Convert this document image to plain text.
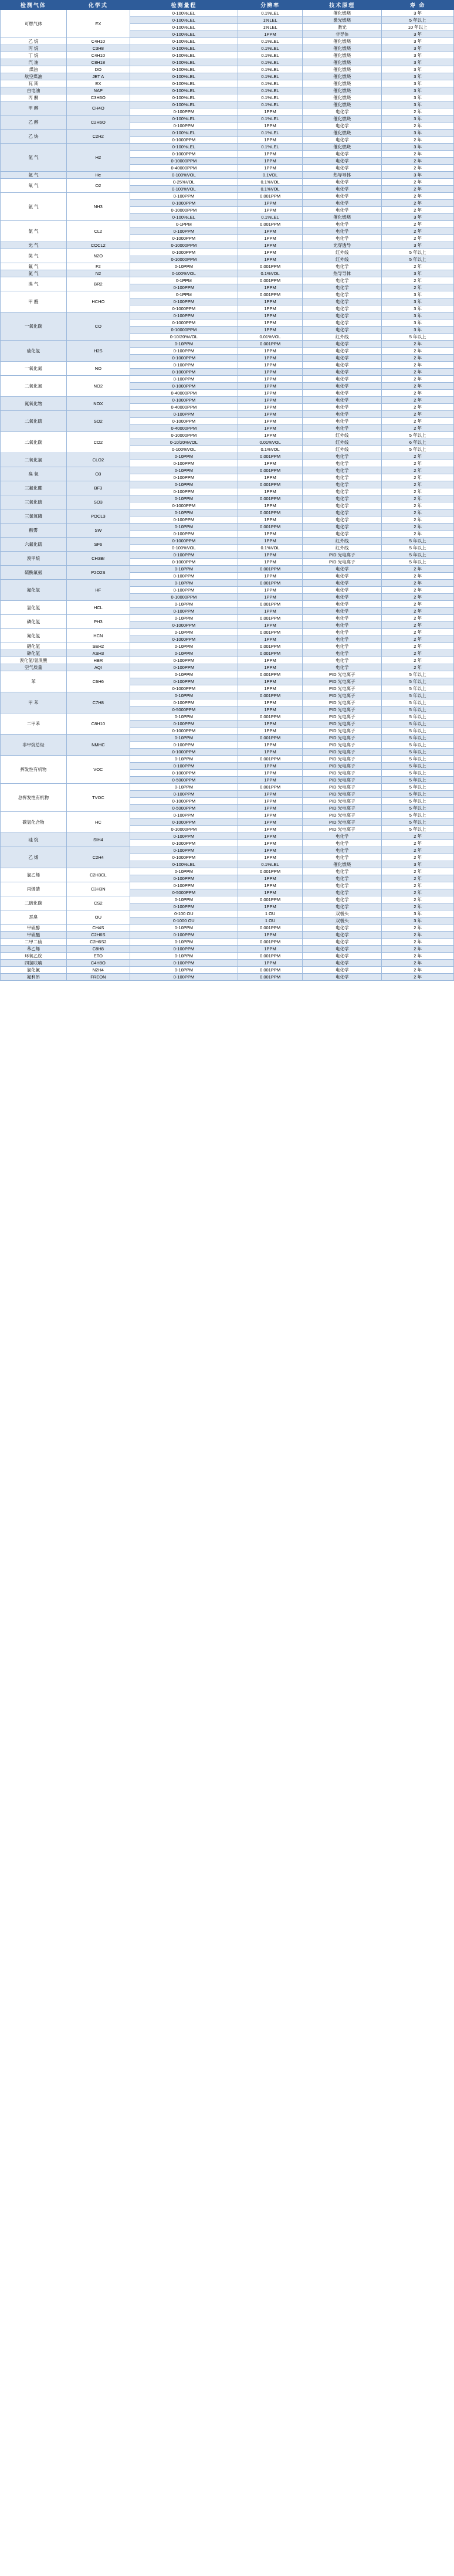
检测气体	化学式	检测量程	分辨率	技术原理	寿 命
可燃气体	EX	0-100%LEL	0.1%LEL	催化燃烧	3 年
		0-100%LEL	1%LEL	激光燃烧	5 年以上
		0-100%LEL	1%LEL	激光	10 年以上
		0-100%LEL	1PPM	非导体	3 年
乙 烷	C4H10	0-100%LEL	0.1%LEL	催化燃烧	3 年
丙 烷	C3H8	0-100%LEL	0.1%LEL	催化燃烧	3 年
丁 烷	C4H10	0-100%LEL	0.1%LEL	催化燃烧	3 年
汽 油	C8H18	0-100%LEL	0.1%LEL	催化燃烧	3 年
煤油	DO	0-100%LEL	0.1%LEL	催化燃烧	3 年
航空煤油	JET A	0-100%LEL	0.1%LEL	催化燃烧	3 年
瓦 斯	EX	0-100%LEL	0.1%LEL	催化燃烧	3 年
白电油	NAP	0-100%LEL	0.1%LEL	催化燃烧	3 年
丙 酮	C3H6O	0-100%LEL	0.1%LEL	催化燃烧	3 年
甲 醇	CH4O	0-100%LEL	0.1%LEL	催化燃烧	3 年
		0-100PPM	1PPM	电化学	2 年
乙 醇	C2H6O	0-100%LEL	0.1%LEL	催化燃烧	3 年
		0-100PPM	1PPM	电化学	2 年
乙 炔	C2H2	0-100%LEL	0.1%LEL	催化燃烧	3 年
		0-1000PPM	1PPM	电化学	2 年
氢 气	H2	0-100%LEL	0.1%LEL	催化燃烧	3 年
		0-1000PPM	1PPM	电化学	2 年
		0-10000PPM	1PPM	电化学	2 年
		0-40000PPM	1PPM	电化学	2 年
氦 气	He	0-100%VOL	0.1VOL	热导导体	3 年
氧 气	O2	0-25%VOL	0.1%VOL	电化学	2 年
		0-100%VOL	0.1%VOL	电化学	2 年
氨 气	NH3	0-100PPM	0.001PPM	电化学	2 年
		0-1000PPM	1PPM	电化学	2 年
		0-10000PPM	1PPM	电化学	2 年
		0-100%LEL	0.1%LEL	催化燃烧	3 年
氯 气	CL2	0-1PPM	0.001PPM	电化学	2 年
		0-100PPM	1PPM	电化学	2 年
		0-1000PPM	1PPM	电化学	2 年
光 气	COCL2	0-10000PPM	1PPM	光穿透导	3 年
笑 气	N2O	0-1000PPM	1PPM	红外线	5 年以上
		0-10000PPM	1PPM	红外线	5 年以上
氟 气	F2	0-10PPM	0.001PPM	电化学	2 年
氮 气	N2	0-100%VOL	0.1%VOL	热导导体	3 年
溴 气	BR2	0-1PPM	0.001PPM	电化学	2 年
		0-100PPM	1PPM	电化学	2 年
甲 醛	HCHO	0-1PPM	0.001PPM	电化学	3 年
		0-100PPM	1PPM	电化学	3 年
		0-1000PPM	1PPM	电化学	3 年
一氧化碳	CO	0-100PPM	1PPM	电化学	3 年
		0-1000PPM	1PPM	电化学	3 年
		0-10000PPM	1PPM	电化学	3 年
		0-10/20%VOL	0.01%VOL	红外线	5 年以上
硫化氢	H2S	0-10PPM	0.001PPM	电化学	2 年
		0-100PPM	1PPM	电化学	2 年
		0-1000PPM	1PPM	电化学	2 年
一氧化氮	NO	0-100PPM	1PPM	电化学	2 年
		0-1000PPM	1PPM	电化学	2 年
二氧化氮	NO2	0-100PPM	1PPM	电化学	2 年
		0-1000PPM	1PPM	电化学	2 年
		0-40000PPM	1PPM	电化学	2 年
氮氧化物	NOX	0-1000PPM	1PPM	电化学	2 年
		0-40000PPM	1PPM	电化学	2 年
二氧化硫	SO2	0-100PPM	1PPM	电化学	2 年
		0-1000PPM	1PPM	电化学	2 年
		0-40000PPM	1PPM	电化学	2 年
二氧化碳	CO2	0-10000PPM	1PPM	红外线	5 年以上
		0-10/20%VOL	0.01%VOL	红外线	6 年以上
		0-100%VOL	0.1%VOL	红外线	5 年以上
二氧化氯	CLO2	0-10PPM	0.001PPM	电化学	2 年
		0-100PPM	1PPM	电化学	2 年
臭 氧	O3	0-10PPM	0.001PPM	电化学	2 年
		0-100PPM	1PPM	电化学	2 年
三氟化硼	BF3	0-10PPM	0.001PPM	电化学	2 年
		0-100PPM	1PPM	电化学	2 年
三氧化硫	SO3	0-10PPM	0.001PPM	电化学	2 年
		0-1000PPM	1PPM	电化学	2 年
三氯氧磷	POCL3	0-10PPM	0.001PPM	电化学	2 年
		0-100PPM	1PPM	电化学	2 年
酸雾	SW	0-10PPM	0.001PPM	电化学	2 年
		0-100PPM	1PPM	电化学	2 年
六氟化硫	SF6	0-1000PPM	1PPM	红外线	5 年以上
		0-100%VOL	0.1%VOL	红外线	5 年以上
溴甲烷	CH3Br	0-100PPM	1PPM	PID 光电离子	5 年以上
		0-1000PPM	1PPM	PID 光电离子	5 年以上
硫酰氟氨	P2O2S	0-10PPM	0.001PPM	电化学	2 年
		0-100PPM	1PPM	电化学	2 年
氟化氢	HF	0-10PPM	0.001PPM	电化学	2 年
		0-100PPM	1PPM	电化学	2 年
		0-10000PPM	1PPM	电化学	2 年
氯化氢	HCL	0-10PPM	0.001PPM	电化学	2 年
		0-100PPM	1PPM	电化学	2 年
磷化氢	PH3	0-10PPM	0.001PPM	电化学	2 年
		0-1000PPM	1PPM	电化学	2 年
氰化氢	HCN	0-10PPM	0.001PPM	电化学	2 年
		0-1000PPM	1PPM	电化学	2 年
硒化氢	SEH2	0-10PPM	0.001PPM	电化学	2 年
砷化氢	ASH3	0-10PPM	0.001PPM	电化学	2 年
溴化氢/氢溴酸	HBR	0-100PPM	1PPM	电化学	2 年
空气质量	AQI	0-100PPM	1PPM	电化学	2 年
苯	C6H6	0-10PPM	0.001PPM	PID 光电离子	5 年以上
		0-100PPM	1PPM	PID 光电离子	5 年以上
		0-1000PPM	1PPM	PID 光电离子	5 年以上
甲 苯	C7H8	0-10PPM	0.001PPM	PID 光电离子	5 年以上
		0-100PPM	1PPM	PID 光电离子	5 年以上
		0-5000PPM	1PPM	PID 光电离子	5 年以上
二甲苯	C8H10	0-10PPM	0.001PPM	PID 光电离子	5 年以上
		0-100PPM	1PPM	PID 光电离子	5 年以上
		0-1000PPM	1PPM	PID 光电离子	5 年以上
非甲烷总烃	NMHC	0-10PPM	0.001PPM	PID 光电离子	5 年以上
		0-100PPM	1PPM	PID 光电离子	5 年以上
		0-1000PPM	1PPM	PID 光电离子	5 年以上
挥发性有机物	VOC	0-10PPM	0.001PPM	PID 光电离子	5 年以上
		0-100PPM	1PPM	PID 光电离子	5 年以上
		0-1000PPM	1PPM	PID 光电离子	5 年以上
		0-5000PPM	1PPM	PID 光电离子	5 年以上
总挥发性有机物	TVOC	0-10PPM	0.001PPM	PID 光电离子	5 年以上
		0-100PPM	1PPM	PID 光电离子	5 年以上
		0-1000PPM	1PPM	PID 光电离子	5 年以上
		0-5000PPM	1PPM	PID 光电离子	5 年以上
碳氢化合物	HC	0-100PPM	1PPM	PID 光电离子	5 年以上
		0-1000PPM	1PPM	PID 光电离子	5 年以上
		0-10000PPM	1PPM	PID 光电离子	5 年以上
硅 烷	SIH4	0-100PPM	1PPM	电化学	2 年
		0-1000PPM	1PPM	电化学	2 年
乙 烯	C2H4	0-100PPM	1PPM	电化学	2 年
		0-1000PPM	1PPM	电化学	2 年
		0-100%LEL	0.1%LEL	催化燃烧	3 年
氯乙烯	C2H3CL	0-10PPM	0.001PPM	电化学	2 年
		0-100PPM	1PPM	电化学	2 年
丙烯腈	C3H3N	0-100PPM	1PPM	电化学	2 年
		0-5000PPM	1PPM	电化学	2 年
二硫化碳	CS2	0-10PPM	0.001PPM	电化学	2 年
		0-100PPM	1PPM	电化学	2 年
恶臭	OU	0-100 OU	1 OU	双极头	3 年
		0-1000 OU	1 OU	双极头	3 年
甲硫醇	CH4S	0-10PPM	0.001PPM	电化学	2 年
甲硫醚	C2H6S	0-100PPM	1PPM	电化学	2 年
二甲二硫	C2H6S2	0-10PPM	0.001PPM	电化学	2 年
苯乙烯	C8H8	0-100PPM	1PPM	电化学	2 年
环氧乙烷	ETO	0-10PPM	0.001PPM	电化学	2 年
四氢呋喃	C4H8O	0-100PPM	1PPM	电化学	2 年
氯化氰	N2H4	0-10PPM	0.001PPM	电化学	2 年
氟利昂	FREON	0-100PPM	0.001PPM	电化学	2 年
